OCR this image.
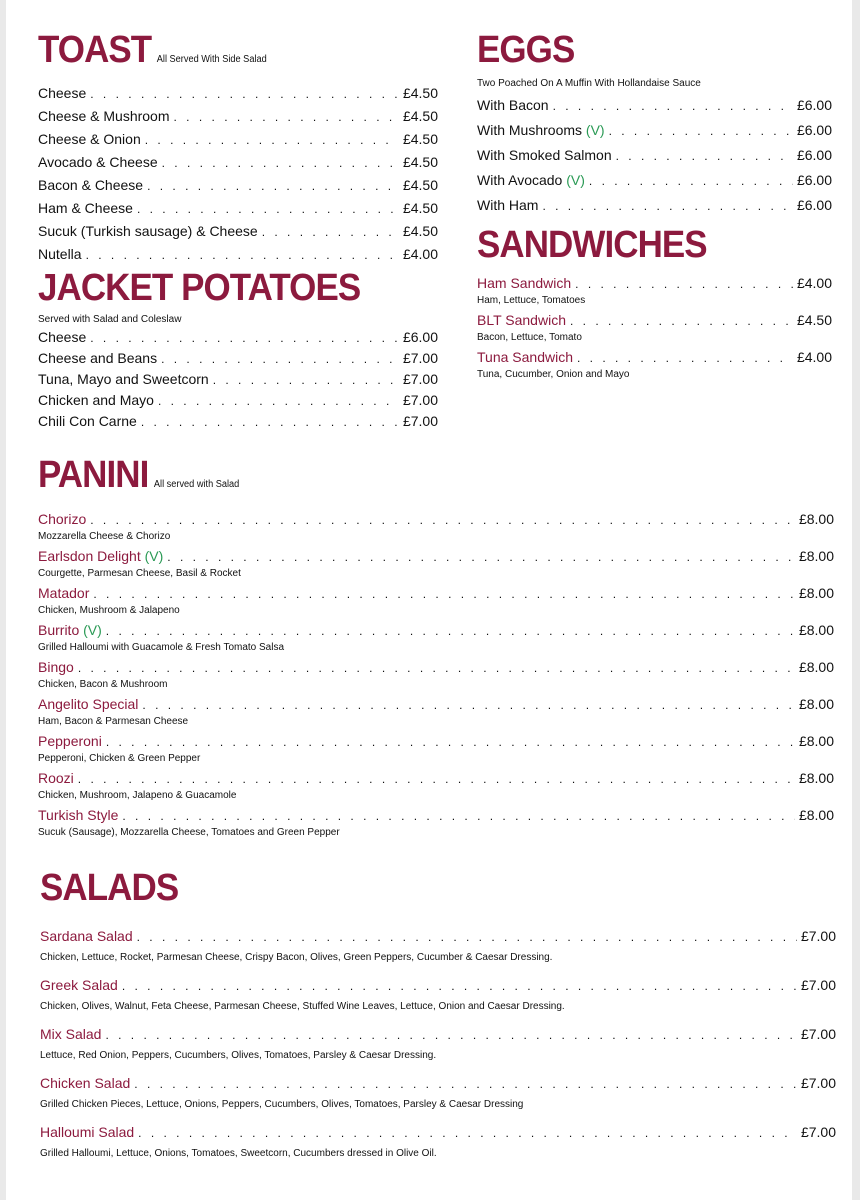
TOAST All Served With Side Salad
Cheese . . .	£4.50
Cheese & Mushroom . . .	£4.50
Cheese & Onion . . .	£4.50
Avocado & Cheese . . .	£4.50
Bacon & Cheese . . .	£4.50
Ham & Cheese . . .	£4.50
Sucuk (Turkish sausage) & Cheese . . .	£4.50
Nutella . . .	£4.00
JACKET POTATOES
Served with Salad and Coleslaw
Cheese . . .	£6.00
Cheese and Beans . . .	£7.00
Tuna, Mayo and Sweetcorn . . .	£7.00
Chicken and Mayo . . .	£7.00
Chili Con Carne . . .	£7.00
EGGS
Two Poached On A Muffin With Hollandaise Sauce
With Bacon . . .	£6.00
With Mushrooms (V) . . .	£6.00
With Smoked Salmon . . .	£6.00
With Avocado (V) . . .	£6.00
With Ham . . .	£6.00
SANDWICHES
Ham Sandwich . . .	£4.00
Ham, Lettuce, Tomatoes
BLT Sandwich . . .	£4.50
Bacon, Lettuce, Tomato
Tuna Sandwich . . .	£4.00
Tuna, Cucumber, Onion and Mayo
PANINI All served with Salad
Chorizo . . .	£8.00
Mozzarella Cheese & Chorizo
Earlsdon Delight (V) . . .	£8.00
Courgette, Parmesan Cheese, Basil & Rocket
Matador . . .	£8.00
Chicken, Mushroom & Jalapeno
Burrito (V) . . .	£8.00
Grilled Halloumi with Guacamole & Fresh Tomato Salsa
Bingo . . .	£8.00
Chicken, Bacon & Mushroom
Angelito Special . . .	£8.00
Ham, Bacon & Parmesan Cheese
Pepperoni . . .	£8.00
Pepperoni, Chicken & Green Pepper
Roozi . . .	£8.00
Chicken, Mushroom, Jalapeno & Guacamole
Turkish Style . . .	£8.00
Sucuk (Sausage), Mozzarella Cheese, Tomatoes and Green Pepper
SALADS
Sardana Salad . . .	£7.00
Chicken, Lettuce, Rocket, Parmesan Cheese, Crispy Bacon, Olives, Green Peppers, Cucumber & Caesar Dressing.
Greek Salad . . .	£7.00
Chicken, Olives, Walnut, Feta Cheese, Parmesan Cheese, Stuffed Wine Leaves, Lettuce, Onion and Caesar Dressing.
Mix Salad . . .	£7.00
Lettuce, Red Onion, Peppers, Cucumbers, Olives, Tomatoes, Parsley & Caesar Dressing.
Chicken Salad . . .	£7.00
Grilled Chicken Pieces, Lettuce, Onions, Peppers, Cucumbers, Olives, Tomatoes, Parsley & Caesar Dressing
Halloumi Salad . . .	£7.00
Grilled Halloumi, Lettuce, Onions, Tomatoes, Sweetcorn, Cucumbers dressed in Olive Oil.
